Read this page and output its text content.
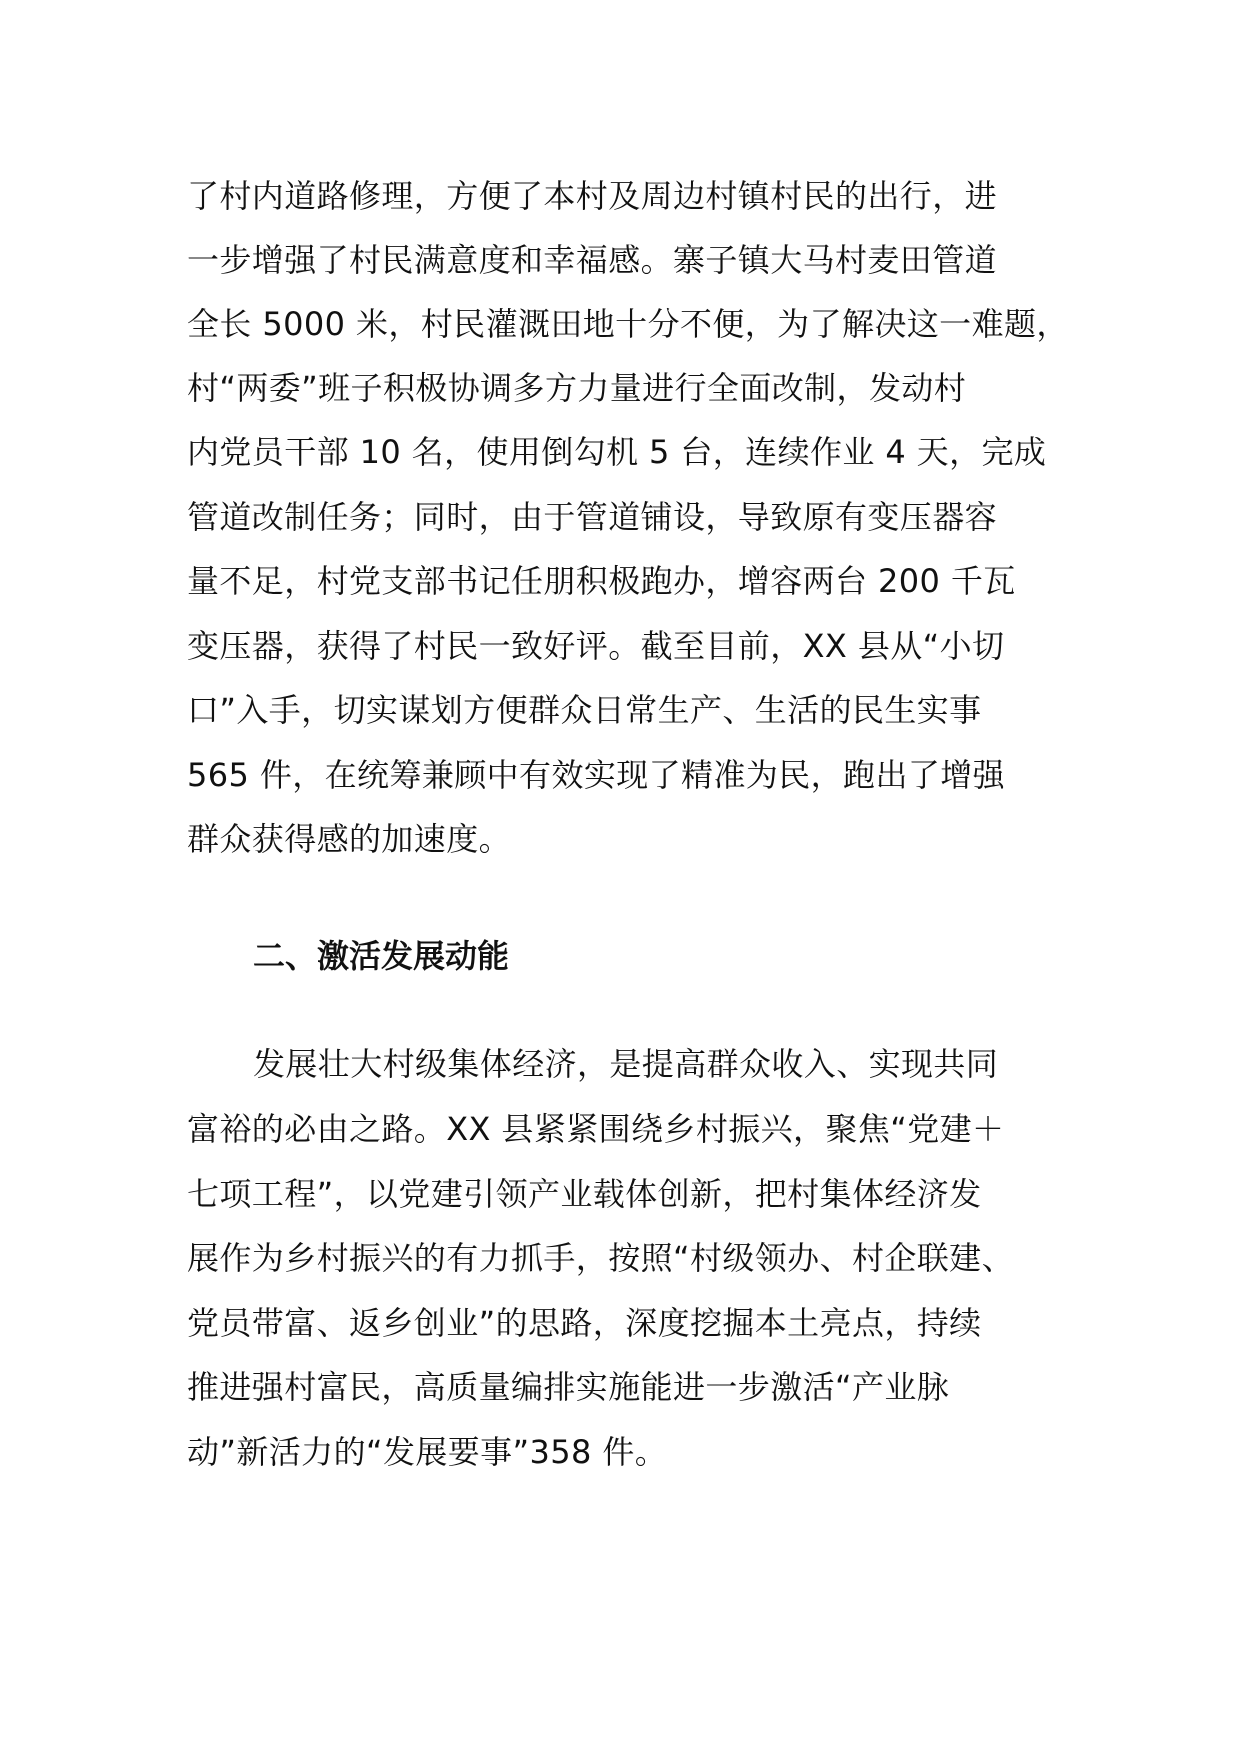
了村内道路修理，方便了本村及周边村镇村民的出行，进
一步增强了村民满意度和幸福感。寨子镇大马村麦田管道
全长 5000 米，村民灌溉田地十分不便，为了解决这一难题，
村“两委”班子积极协调多方力量进行全面改制，发动村
内党员干部 10 名，使用倒勾机 5 台，连续作业 4 天，完成
管道改制任务；同时，由于管道铺设，导致原有变压器容
量不足，村党支部书记任朋积极跑办，增容两台 200 千瓦
变压器，获得了村民一致好评。截至目前，XX 县从“小切
口”入手，切实谋划方便群众日常生产、生活的民生实事
565 件，在统筹兼顾中有效实现了精准为民，跑出了增强
群众获得感的加速度。
二、激活发展动能
发展壮大村级集体经济，是提高群众收入、实现共同
富裕的必由之路。XX 县紧紧围绕乡村振兴，聚焦“党建＋
七项工程”，以党建引领产业载体创新，把村集体经济发
展作为乡村振兴的有力抓手，按照“村级领办、村企联建、
党员带富、返乡创业”的思路，深度挖掘本土亮点，持续
推进强村富民，高质量编排实施能进一步激活“产业脉
动”新活力的“发展要事”358 件。
